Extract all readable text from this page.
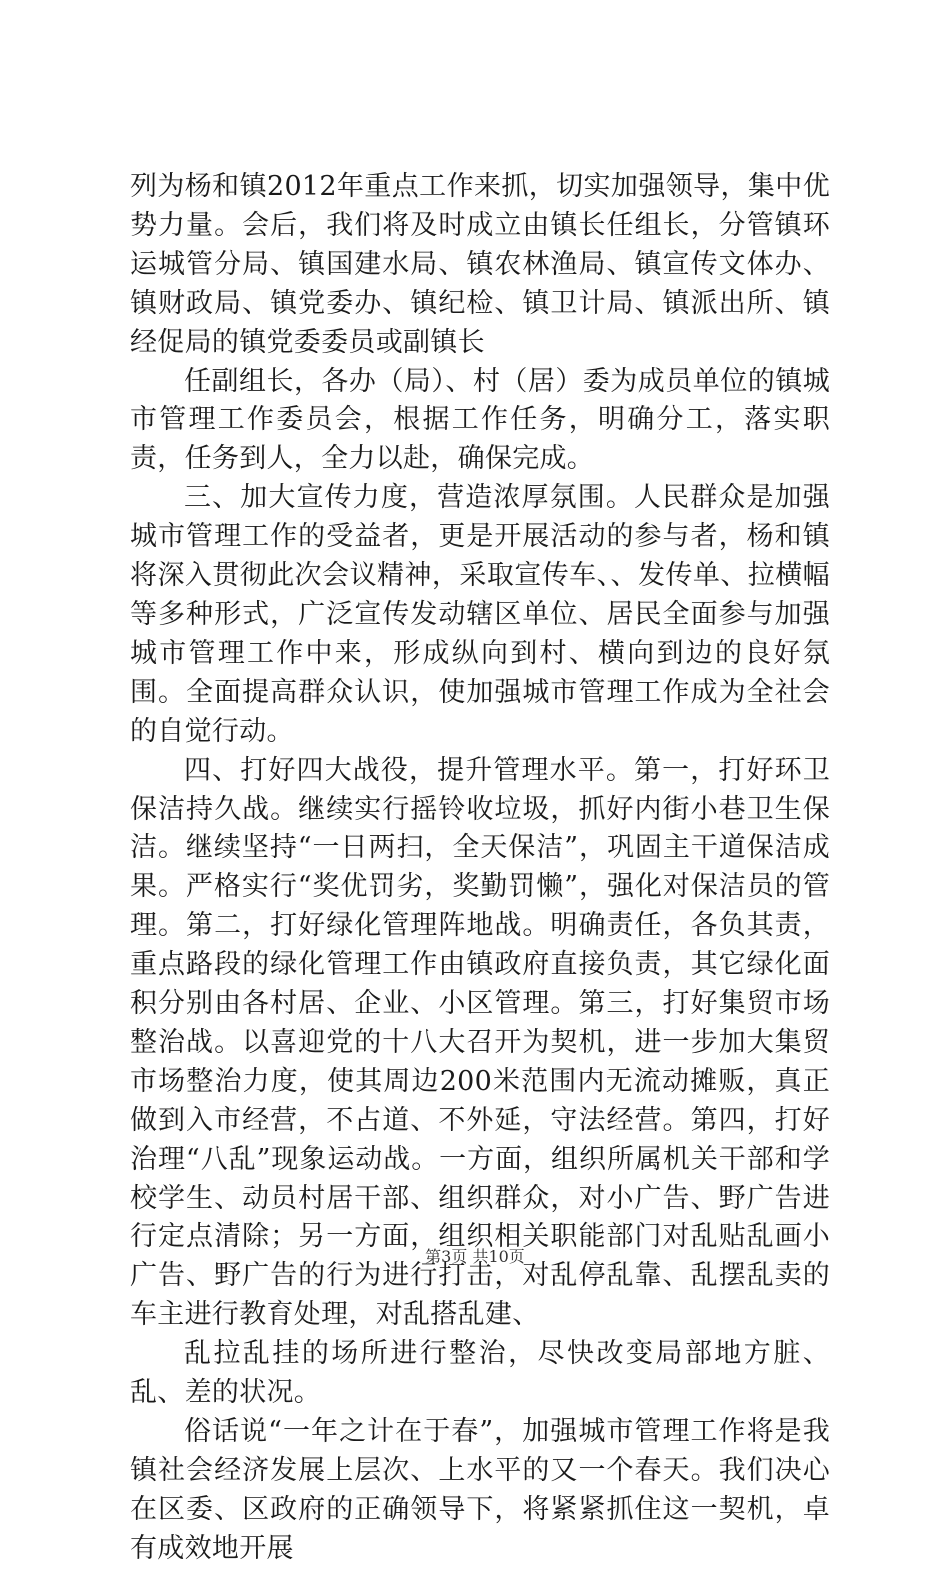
列为杨和镇2012年重点工作来抓，切实加强领导，集中优势力量。会后，我们将及时成立由镇长任组长，分管镇环运城管分局、镇国建水局、镇农林渔局、镇宣传文体办、镇财政局、镇党委办、镇纪检、镇卫计局、镇派出所、镇经促局的镇党委委员或副镇长

任副组长，各办（局）、村（居）委为成员单位的镇城市管理工作委员会，根据工作任务，明确分工，落实职责，任务到人，全力以赴，确保完成。

三、加大宣传力度，营造浓厚氛围。人民群众是加强城市管理工作的受益者，更是开展活动的参与者，杨和镇将深入贯彻此次会议精神，采取宣传车、、发传单、拉横幅等多种形式，广泛宣传发动辖区单位、居民全面参与加强城市管理工作中来，形成纵向到村、横向到边的良好氛围。全面提高群众认识，使加强城市管理工作成为全社会的自觉行动。

四、打好四大战役，提升管理水平。第一，打好环卫保洁持久战。继续实行摇铃收垃圾，抓好内街小巷卫生保洁。继续坚持“一日两扫，全天保洁”，巩固主干道保洁成果。严格实行“奖优罚劣，奖勤罚懒”，强化对保洁员的管理。第二，打好绿化管理阵地战。明确责任，各负其责，重点路段的绿化管理工作由镇政府直接负责，其它绿化面积分别由各村居、企业、小区管理。第三，打好集贸市场整治战。以喜迎党的十八大召开为契机，进一步加大集贸市场整治力度，使其周边200米范围内无流动摊贩，真正做到入市经营，不占道、不外延，守法经营。第四，打好治理“八乱”现象运动战。一方面，组织所属机关干部和学校学生、动员村居干部、组织群众，对小广告、野广告进行定点清除；另一方面，组织相关职能部门对乱贴乱画小广告、野广告的行为进行打击，对乱停乱靠、乱摆乱卖的车主进行教育处理，对乱搭乱建、

乱拉乱挂的场所进行整治，尽快改变局部地方脏、乱、差的状况。

俗话说“一年之计在于春”，加强城市管理工作将是我镇社会经济发展上层次、上水平的又一个春天。我们决心在区委、区政府的正确领导下，将紧紧抓住这一契机，卓有成效地开展

第3页 共10页
